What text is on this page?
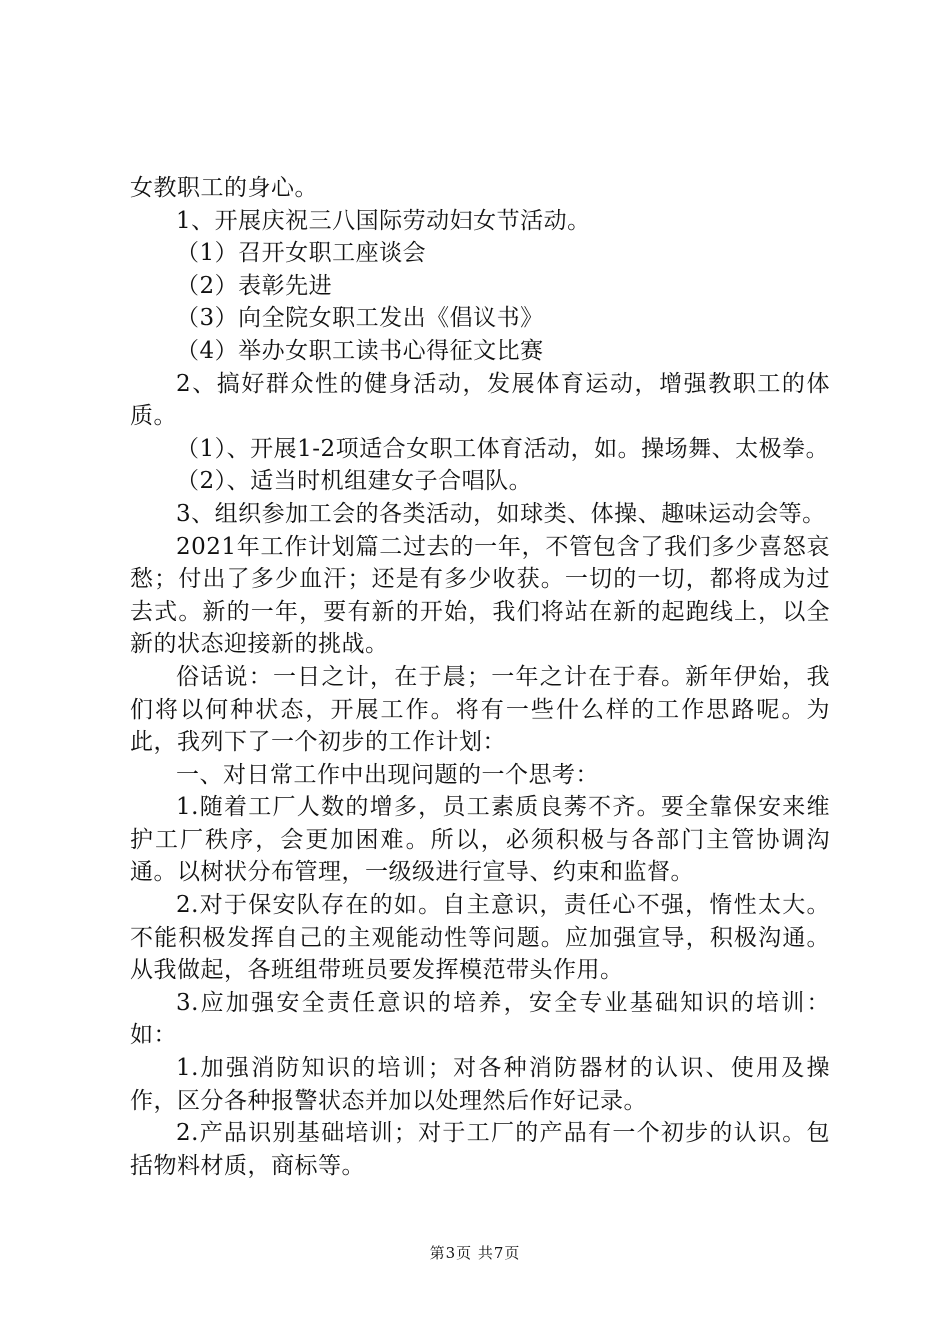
女教职工的身心。

1、开展庆祝三八国际劳动妇女节活动。

（1）召开女职工座谈会

（2）表彰先进

（3）向全院女职工发出《倡议书》

（4）举办女职工读书心得征文比赛

2、搞好群众性的健身活动，发展体育运动，增强教职工的体质。

（1）、开展1-2项适合女职工体育活动，如。操场舞、太极拳。

（2）、适当时机组建女子合唱队。

3、组织参加工会的各类活动，如球类、体操、趣味运动会等。

2021年工作计划篇二过去的一年，不管包含了我们多少喜怒哀愁；付出了多少血汗；还是有多少收获。一切的一切，都将成为过去式。新的一年，要有新的开始，我们将站在新的起跑线上，以全新的状态迎接新的挑战。

俗话说：一日之计，在于晨；一年之计在于春。新年伊始，我们将以何种状态，开展工作。将有一些什么样的工作思路呢。为此，我列下了一个初步的工作计划：

一、对日常工作中出现问题的一个思考：

1.随着工厂人数的增多，员工素质良莠不齐。要全靠保安来维护工厂秩序，会更加困难。所以，必须积极与各部门主管协调沟通。以树状分布管理，一级级进行宣导、约束和监督。

2.对于保安队存在的如。自主意识，责任心不强，惰性太大。不能积极发挥自己的主观能动性等问题。应加强宣导，积极沟通。从我做起，各班组带班员要发挥模范带头作用。

3.应加强安全责任意识的培养，安全专业基础知识的培训：如：

1.加强消防知识的培训；对各种消防器材的认识、使用及操作，区分各种报警状态并加以处理然后作好记录。

2.产品识别基础培训；对于工厂的产品有一个初步的认识。包括物料材质，商标等。

第3页 共7页
